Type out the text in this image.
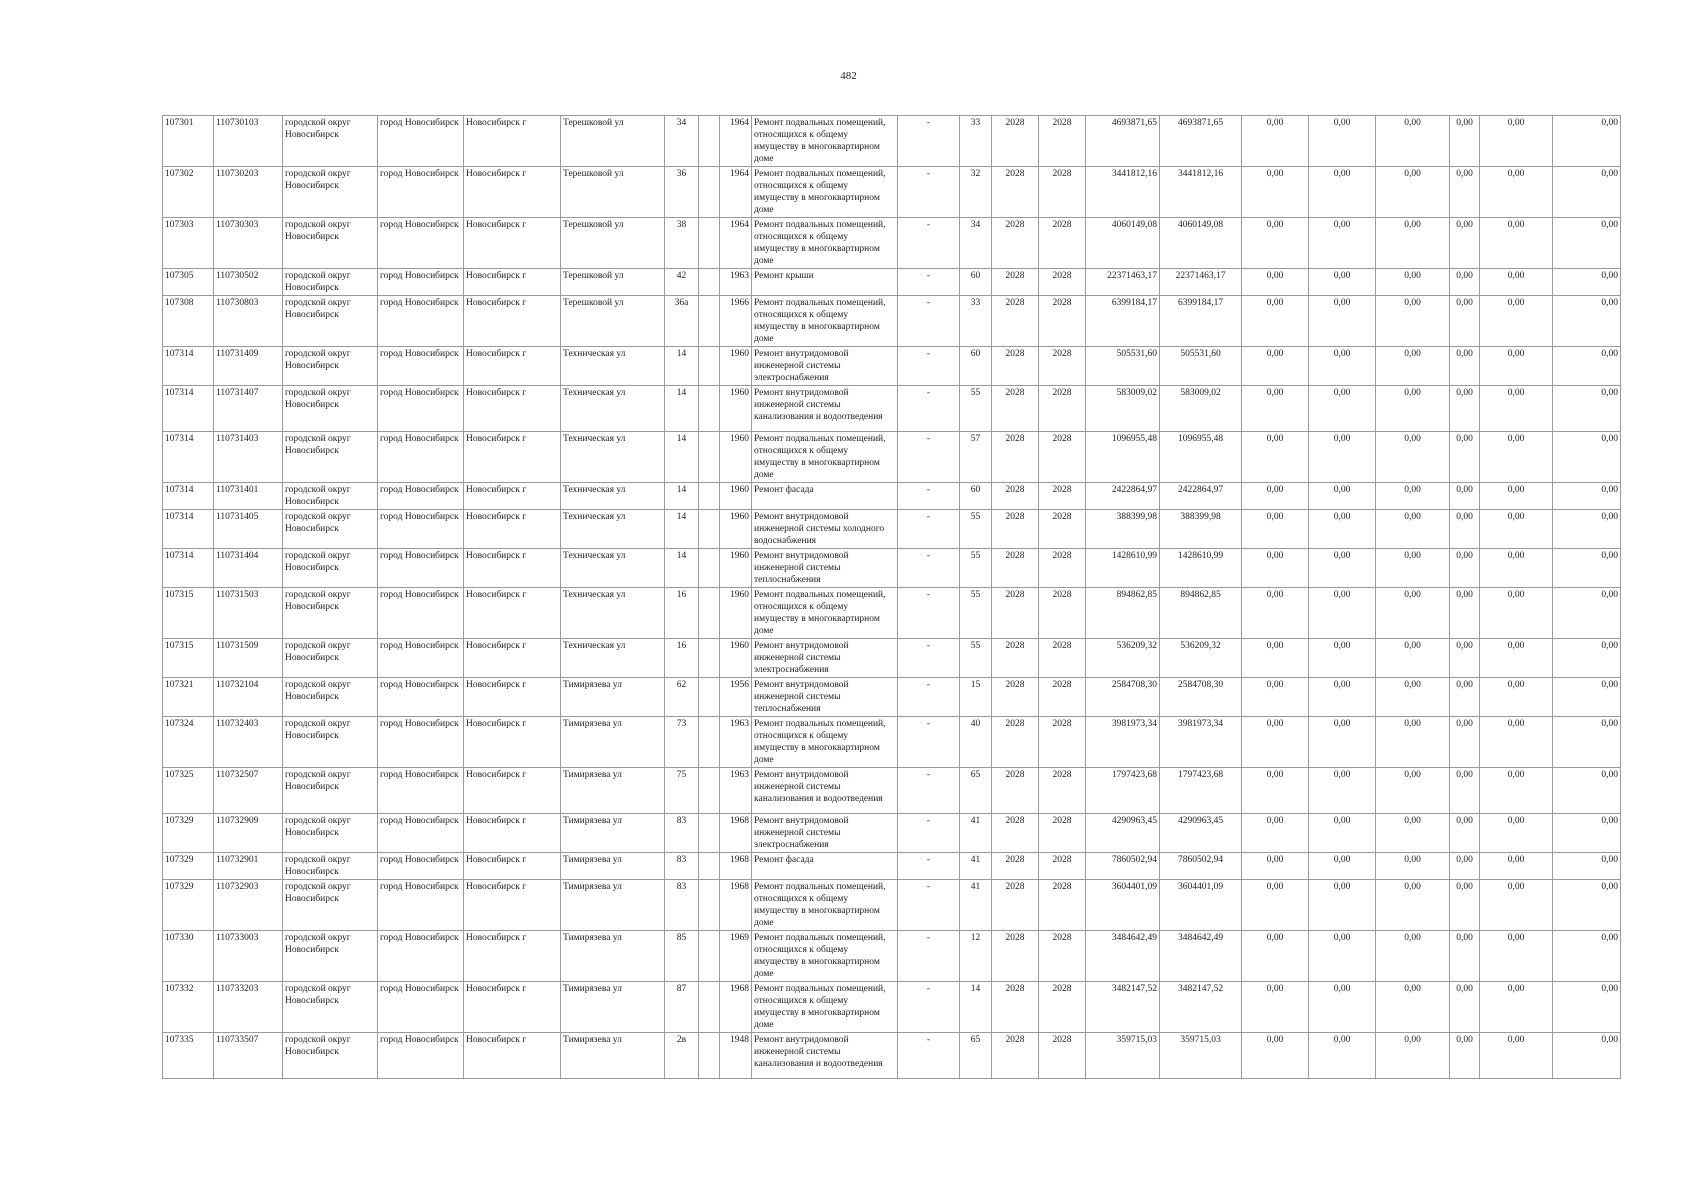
482
107301	110730103	городской округ Новосибирск	город Новосибирск	Новосибирск г	Терешковой ул	34		1964	Ремонт подвальных помещений, относящихся к общему имуществу в многоквартирном доме	-	33	2028	2028	4693871,65	4693871,65	0,00	0,00	0,00	0,00	0,00	0,00
107302	110730203	городской округ Новосибирск	город Новосибирск	Новосибирск г	Терешковой ул	36		1964	Ремонт подвальных помещений, относящихся к общему имуществу в многоквартирном доме	-	32	2028	2028	3441812,16	3441812,16	0,00	0,00	0,00	0,00	0,00	0,00
107303	110730303	городской округ Новосибирск	город Новосибирск	Новосибирск г	Терешковой ул	38		1964	Ремонт подвальных помещений, относящихся к общему имуществу в многоквартирном доме	-	34	2028	2028	4060149,08	4060149,08	0,00	0,00	0,00	0,00	0,00	0,00
107305	110730502	городской округ Новосибирск	город Новосибирск	Новосибирск г	Терешковой ул	42		1963	Ремонт крыши	-	60	2028	2028	22371463,17	22371463,17	0,00	0,00	0,00	0,00	0,00	0,00
107308	110730803	городской округ Новосибирск	город Новосибирск	Новосибирск г	Терешковой ул	36а		1966	Ремонт подвальных помещений, относящихся к общему имуществу в многоквартирном доме	-	33	2028	2028	6399184,17	6399184,17	0,00	0,00	0,00	0,00	0,00	0,00
107314	110731409	городской округ Новосибирск	город Новосибирск	Новосибирск г	Техническая ул	14		1960	Ремонт внутридомовой инженерной системы электроснабжения	-	60	2028	2028	505531,60	505531,60	0,00	0,00	0,00	0,00	0,00	0,00
107314	110731407	городской округ Новосибирск	город Новосибирск	Новосибирск г	Техническая ул	14		1960	Ремонт внутридомовой инженерной системы канализования и водоотведения	-	55	2028	2028	583009,02	583009,02	0,00	0,00	0,00	0,00	0,00	0,00
107314	110731403	городской округ Новосибирск	город Новосибирск	Новосибирск г	Техническая ул	14		1960	Ремонт подвальных помещений, относящихся к общему имуществу в многоквартирном доме	-	57	2028	2028	1096955,48	1096955,48	0,00	0,00	0,00	0,00	0,00	0,00
107314	110731401	городской округ Новосибирск	город Новосибирск	Новосибирск г	Техническая ул	14		1960	Ремонт фасада	-	60	2028	2028	2422864,97	2422864,97	0,00	0,00	0,00	0,00	0,00	0,00
107314	110731405	городской округ Новосибирск	город Новосибирск	Новосибирск г	Техническая ул	14		1960	Ремонт внутридомовой инженерной системы холодного водоснабжения	-	55	2028	2028	388399,98	388399,98	0,00	0,00	0,00	0,00	0,00	0,00
107314	110731404	городской округ Новосибирск	город Новосибирск	Новосибирск г	Техническая ул	14		1960	Ремонт внутридомовой инженерной системы теплоснабжения	-	55	2028	2028	1428610,99	1428610,99	0,00	0,00	0,00	0,00	0,00	0,00
107315	110731503	городской округ Новосибирск	город Новосибирск	Новосибирск г	Техническая ул	16		1960	Ремонт подвальных помещений, относящихся к общему имуществу в многоквартирном доме	-	55	2028	2028	894862,85	894862,85	0,00	0,00	0,00	0,00	0,00	0,00
107315	110731509	городской округ Новосибирск	город Новосибирск	Новосибирск г	Техническая ул	16		1960	Ремонт внутридомовой инженерной системы электроснабжения	-	55	2028	2028	536209,32	536209,32	0,00	0,00	0,00	0,00	0,00	0,00
107321	110732104	городской округ Новосибирск	город Новосибирск	Новосибирск г	Тимирязева ул	62		1956	Ремонт внутридомовой инженерной системы теплоснабжения	-	15	2028	2028	2584708,30	2584708,30	0,00	0,00	0,00	0,00	0,00	0,00
107324	110732403	городской округ Новосибирск	город Новосибирск	Новосибирск г	Тимирязева ул	73		1963	Ремонт подвальных помещений, относящихся к общему имуществу в многоквартирном доме	-	40	2028	2028	3981973,34	3981973,34	0,00	0,00	0,00	0,00	0,00	0,00
107325	110732507	городской округ Новосибирск	город Новосибирск	Новосибирск г	Тимирязева ул	75		1963	Ремонт внутридомовой инженерной системы канализования и водоотведения	-	65	2028	2028	1797423,68	1797423,68	0,00	0,00	0,00	0,00	0,00	0,00
107329	110732909	городской округ Новосибирск	город Новосибирск	Новосибирск г	Тимирязева ул	83		1968	Ремонт внутридомовой инженерной системы электроснабжения	-	41	2028	2028	4290963,45	4290963,45	0,00	0,00	0,00	0,00	0,00	0,00
107329	110732901	городской округ Новосибирск	город Новосибирск	Новосибирск г	Тимирязева ул	83		1968	Ремонт фасада	-	41	2028	2028	7860502,94	7860502,94	0,00	0,00	0,00	0,00	0,00	0,00
107329	110732903	городской округ Новосибирск	город Новосибирск	Новосибирск г	Тимирязева ул	83		1968	Ремонт подвальных помещений, относящихся к общему имуществу в многоквартирном доме	-	41	2028	2028	3604401,09	3604401,09	0,00	0,00	0,00	0,00	0,00	0,00
107330	110733003	городской округ Новосибирск	город Новосибирск	Новосибирск г	Тимирязева ул	85		1969	Ремонт подвальных помещений, относящихся к общему имуществу в многоквартирном доме	-	12	2028	2028	3484642,49	3484642,49	0,00	0,00	0,00	0,00	0,00	0,00
107332	110733203	городской округ Новосибирск	город Новосибирск	Новосибирск г	Тимирязева ул	87		1968	Ремонт подвальных помещений, относящихся к общему имуществу в многоквартирном доме	-	14	2028	2028	3482147,52	3482147,52	0,00	0,00	0,00	0,00	0,00	0,00
107335	110733507	городской округ Новосибирск	город Новосибирск	Новосибирск г	Тимирязева ул	2в		1948	Ремонт внутридомовой инженерной системы канализования и водоотведения	-	65	2028	2028	359715,03	359715,03	0,00	0,00	0,00	0,00	0,00	0,00
